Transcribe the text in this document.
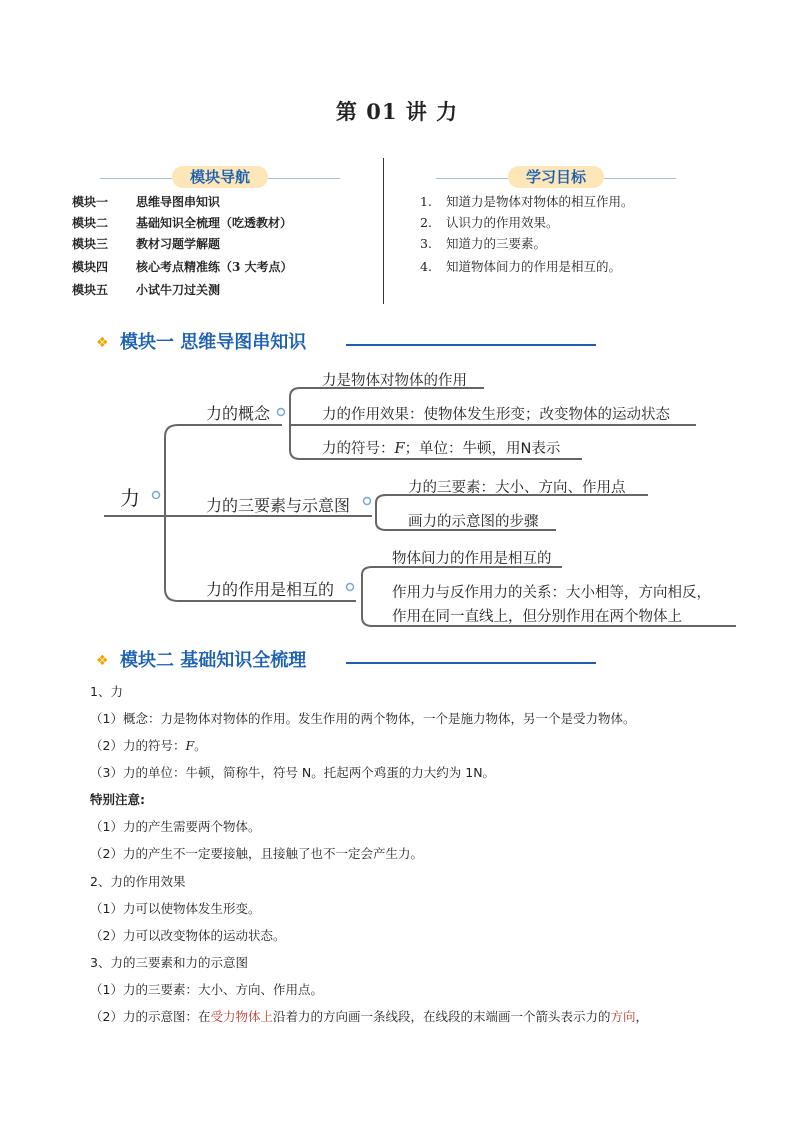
第 01 讲 力
模块导航
模块一 思维导图串知识
模块二 基础知识全梳理（吃透教材）
模块三 教材习题学解题
模块四 核心考点精准练（3 大考点）
模块五 小试牛刀过关测
学习目标
1. 知道力是物体对物体的相互作用。
2. 认识力的作用效果。
3. 知道力的三要素。
4. 知道物体间力的作用是相互的。
❖ 模块一 思维导图串知识
力
力的概念
力的三要素与示意图
力的作用是相互的
力是物体对物体的作用
力的作用效果：使物体发生形变；改变物体的运动状态
力的符号：F；单位：牛顿，用N表示
力的三要素：大小、方向、作用点
画力的示意图的步骤
物体间力的作用是相互的
作用力与反作用力的关系：大小相等，方向相反，
作用在同一直线上，但分别作用在两个物体上
❖ 模块二 基础知识全梳理
1、力
（1）概念：力是物体对物体的作用。发生作用的两个物体，一个是施力物体，另一个是受力物体。
（2）力的符号：F。
（3）力的单位：牛顿，简称牛，符号 N。托起两个鸡蛋的力大约为 1N。
特别注意:
（1）力的产生需要两个物体。
（2）力的产生不一定要接触，且接触了也不一定会产生力。
2、力的作用效果
（1）力可以使物体发生形变。
（2）力可以改变物体的运动状态。
3、力的三要素和力的示意图
（1）力的三要素：大小、方向、作用点。
（2）力的示意图：在受力物体上沿着力的方向画一条线段，在线段的末端画一个箭头表示力的方向，
